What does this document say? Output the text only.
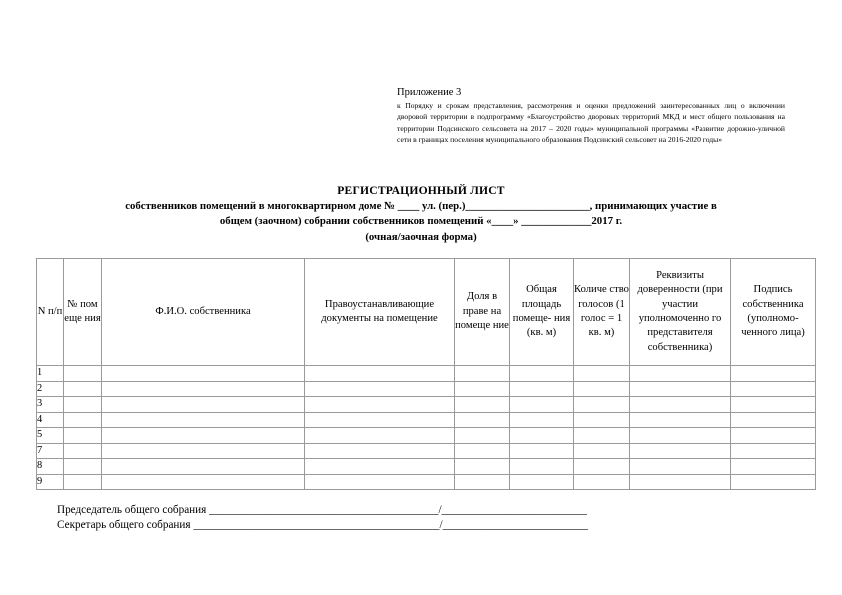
Приложение 3
к Порядку и срокам представления, рассмотрения и оценки предложений заинтересованных лиц о включении дворовой территории в подпрограмму «Благоустройство дворовых территорий МКД и мест общего пользования на территории Подсинского сельсовета на 2017 – 2020 годы» муниципальной программы «Развитие дорожно-уличной сети в границах поселения муниципального образования Подсинский сельсовет на 2016-2020 годы»
РЕГИСТРАЦИОННЫЙ ЛИСТ
собственников помещений в многоквартирном доме № ____ ул. (пер.)_______________________, принимающих участие в
общем (заочном) собрании собственников помещений «____» _____________2017 г.
(очная/заочная форма)
N п/п	№ пом еще ния	Ф.И.О. собственника	Правоустанавливающие документы на помещение	Доля в праве на помеще ние	Общая площадь помеще- ния (кв. м)	Количе ство голосов (1 голос = 1 кв. м)	Реквизиты доверенности (при участии уполномоченно го представителя собственника)	Подпись собственника (уполномо- ченного лица)
1								
2								
3								
4								
5								
7								
8								
9								
Председатель общего собрания _________________________________________/__________________________
Секретарь общего собрания ____________________________________________/__________________________
